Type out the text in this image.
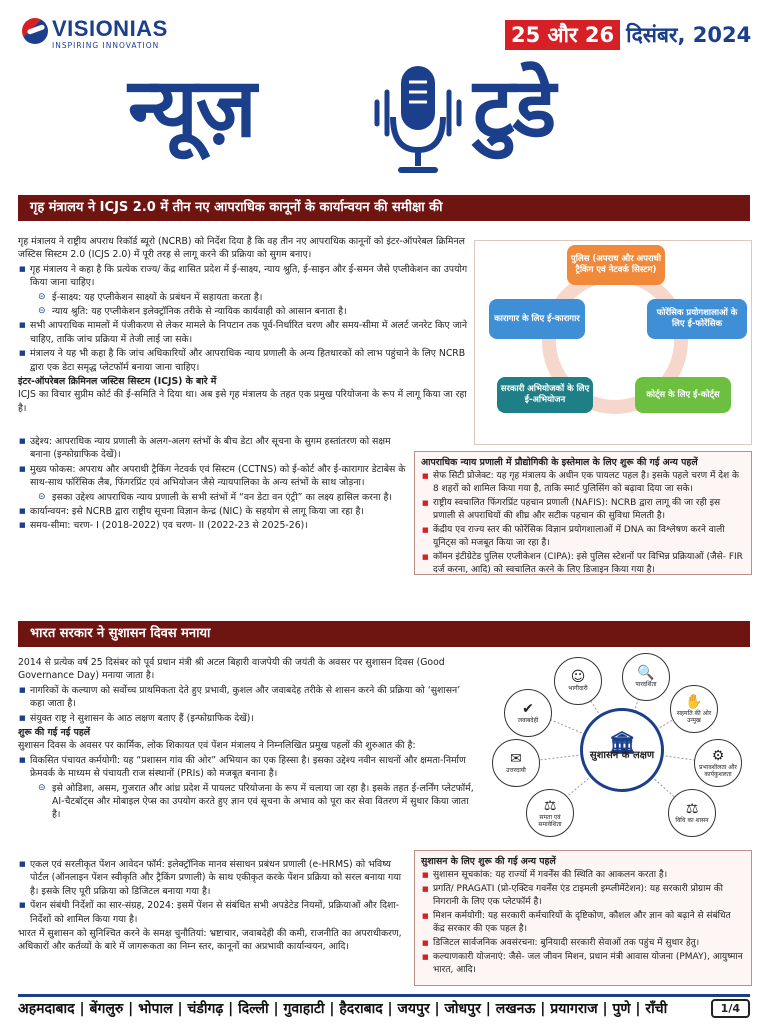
VISIONIAS
INSPIRING INNOVATION	25 और 26 दिसंबर, 2024
न्यूज़	टुडे
गृह मंत्रालय ने ICJS 2.0 में तीन नए आपराधिक कानूनों के कार्यान्वयन की समीक्षा की

गृह मंत्रालय ने राष्ट्रीय अपराध रिकॉर्ड ब्यूरो (NCRB) को निर्देश दिया है कि वह तीन नए आपराधिक कानूनों को इंटर-ऑपरेबल क्रिमिनल जस्टिस सिस्टम 2.0 (ICJS 2.0) में पूरी तरह से लागू करने की प्रक्रिया को सुगम बनाए।

■ गृह मंत्रालय ने कहा है कि प्रत्येक राज्य/ केंद्र शासित प्रदेश में ई-साक्ष्य, न्याय श्रुति, ई-साइन और ई-समन जैसे एप्लीकेशन का उपयोग किया जाना चाहिए।
⊝ ई-साक्ष्य: यह एप्लीकेशन साक्ष्यों के प्रबंधन में सहायता करता है।
⊝ न्याय श्रुति: यह एप्लीकेशन इलेक्ट्रॉनिक तरीके से न्यायिक कार्यवाही को आसान बनाता है।
■ सभी आपराधिक मामलों में पंजीकरण से लेकर मामले के निपटान तक पूर्व-निर्धारित चरण और समय-सीमा में अलर्ट जनरेट किए जाने चाहिए, ताकि जांच प्रक्रिया में तेजी लाई जा सके।
■ मंत्रालय ने यह भी कहा है कि जांच अधिकारियों और आपराधिक न्याय प्रणाली के अन्य हितधारकों को लाभ पहुंचाने के लिए NCRB द्वारा एक डेटा समृद्ध प्लेटफॉर्म बनाया जाना चाहिए।

इंटर-ऑपरेबल क्रिमिनल जस्टिस सिस्टम (ICJS) के बारे में

ICJS का विचार सुप्रीम कोर्ट की ई-समिति ने दिया था। अब इसे गृह मंत्रालय के तहत एक प्रमुख परियोजना के रूप में लागू किया जा रहा है।

■ उद्देश्य: आपराधिक न्याय प्रणाली के अलग-अलग स्तंभों के बीच डेटा और सूचना के सुगम हस्तांतरण को सक्षम बनाना (इन्फोग्राफिक देखें)।
■ मुख्य फोकस: अपराध और अपराधी ट्रैकिंग नेटवर्क एवं सिस्टम (CCTNS) को ई-कोर्ट और ई-कारागार डेटाबेस के साथ-साथ फॉरेंसिक लैब, फिंगरप्रिंट एवं अभियोजन जैसे न्यायपालिका के अन्य स्तंभों के साथ जोड़ना।
⊝ इसका उद्देश्य आपराधिक न्याय प्रणाली के सभी स्तंभों में “वन डेटा वन एंट्री” का लक्ष्य हासिल करना है।
■ कार्यान्वयन: इसे NCRB द्वारा राष्ट्रीय सूचना विज्ञान केन्द्र (NIC) के सहयोग से लागू किया जा रहा है।
■ समय-सीमा: चरण- I (2018-2022) एव चरण- II (2022-23 से 2025-26)।
पुलिस (अपराध और अपराधी ट्रैकिंग एवं नेटवर्क सिस्टम)
फोरेंसिक प्रयोगशालाओं के लिए ई-फोरेंसिक
कोर्ट्स के लिए ई-कोर्ट्स
सरकारी अभियोजकों के लिए ई-अभियोजन
कारागार के लिए ई-कारागार
आपराधिक न्याय प्रणाली में प्रौद्योगिकी के इस्तेमाल के लिए शुरू की गई अन्य पहलें
■ सेफ सिटी प्रोजेक्ट: यह गृह मंत्रालय के अधीन एक पायलट पहल है। इसके पहले चरण में देश के 8 शहरों को शामिल किया गया है, ताकि स्मार्ट पुलिसिंग को बढ़ावा दिया जा सके।
■ राष्ट्रीय स्वचालित फिंगरप्रिंट पहचान प्रणाली (NAFIS): NCRB द्वारा लागू की जा रही इस प्रणाली से अपराधियों की शीघ्र और सटीक पहचान की सुविधा मिलती है।
■ केंद्रीय एव राज्य स्तर की फोरेंसिक विज्ञान प्रयोगशालाओं में DNA का विश्लेषण करने वाली यूनिट्स को मजबूत किया जा रहा है।
■ कॉमन इंटीग्रेटेड पुलिस एप्लीकेशन (CIPA): इसे पुलिस स्टेशनों पर विभिन्न प्रक्रियाओं (जैसे- FIR दर्ज करना, आदि) को स्वचालित करने के लिए डिजाइन किया गया है।
भारत सरकार ने सुशासन दिवस मनाया

2014 से प्रत्येक वर्ष 25 दिसंबर को पूर्व प्रधान मंत्री श्री अटल बिहारी वाजपेयी की जयंती के अवसर पर सुशासन दिवस (Good Governance Day) मनाया जाता है।

■ नागरिकों के कल्याण को सर्वोच्च प्राथमिकता देते हुए प्रभावी, कुशल और जवाबदेह तरीके से शासन करने की प्रक्रिया को ‘सुशासन’ कहा जाता है।
■ संयुक्त राष्ट्र ने सुशासन के आठ लक्षण बताए हैं (इन्फोग्राफिक देखें)।

शुरू की गई नई पहलें

सुशासन दिवस के अवसर पर कार्मिक, लोक शिकायत एवं पेंशन मंत्रालय ने निम्नलिखित प्रमुख पहलों की शुरुआत की है:

■ विकसित पंचायत कर्मयोगी: यह “प्रशासन गांव की ओर” अभियान का एक हिस्सा है। इसका उद्देश्य नवीन साधनों और क्षमता-निर्माण फ्रेमवर्क के माध्यम से पंचायती राज संस्थानों (PRIs) को मजबूत बनाना है।
⊝ इसे ओडिशा, असम, गुजरात और आंध्र प्रदेश में पायलट परियोजना के रूप में चलाया जा रहा है। इसके तहत ई-लर्निंग प्लेटफॉर्म, AI-चैटबॉट्स और मोबाइल ऐप्स का उपयोग करते हुए ज्ञान एवं सूचना के अभाव को पूरा कर सेवा वितरण में सुधार किया जाता है।
■ एकल एवं सरलीकृत पेंशन आवेदन फॉर्म: इलेक्ट्रॉनिक मानव संसाधन प्रबंधन प्रणाली (e-HRMS) को भविष्य पोर्टल (ऑनलाइन पेंशन स्वीकृति और ट्रैकिंग प्रणाली) के साथ एकीकृत करके पेंशन प्रक्रिया को सरल बनाया गया है। इसके लिए पूरी प्रक्रिया को डिजिटल बनाया गया है।
■ पेंशन संबंधी निर्देशों का सार-संग्रह, 2024: इसमें पेंशन से संबंधित सभी अपडेटेड नियमों, प्रक्रियाओं और दिशा-निर्देशों को शामिल किया गया है।

भारत में सुशासन को सुनिश्चित करने के समक्ष चुनौतियां: भ्रष्टाचार, जवाबदेही की कमी, राजनीति का अपराधीकरण, अधिकारों और कर्तव्यों के बारे में जागरूकता का निम्न स्तर, कानूनों का अप्रभावी कार्यान्वयन, आदि।

🏛
सुशासन के लक्षण
☺
भागीदारी
🔍
पारदर्शिता
✋
सहमति की ओर उन्मुख
⚙
प्रभावशीलता और कार्यकुशलता
⚖
विधि का शासन
⚖
समता एवं समावेशिता
✉
उत्तरदायी
✔
जवाबदेही
सुशासन के लिए शुरू की गई अन्य पहलें
■ सुशासन सूचकांक: यह राज्यों में गवर्नेंस की स्थिति का आकलन करता है।
■ प्रगति/ PRAGATI (प्रो-एक्टिव गवर्नेंस एंड टाइमली इम्प्लीमेंटेशन): यह सरकारी प्रोग्राम की निगरानी के लिए एक प्लेटफॉर्म है।
■ मिशन कर्मयोगी: यह सरकारी कर्मचारियों के दृष्टिकोण, कौशल और ज्ञान को बढ़ाने से संबंधित केंद्र सरकार की एक पहल है।
■ डिजिटल सार्वजनिक अवसंरचना: बुनियादी सरकारी सेवाओं तक पहुंच में सुधार हेतु।
■ कल्याणकारी योजनाएं: जैसे- जल जीवन मिशन, प्रधान मंत्री आवास योजना (PMAY), आयुष्मान भारत, आदि।
अहमदाबाद | बेंगलुरु | भोपाल | चंडीगढ़ | दिल्ली | गुवाहाटी | हैदराबाद | जयपुर | जोधपुर | लखनऊ | प्रयागराज | पुणे | राँची	1/4
